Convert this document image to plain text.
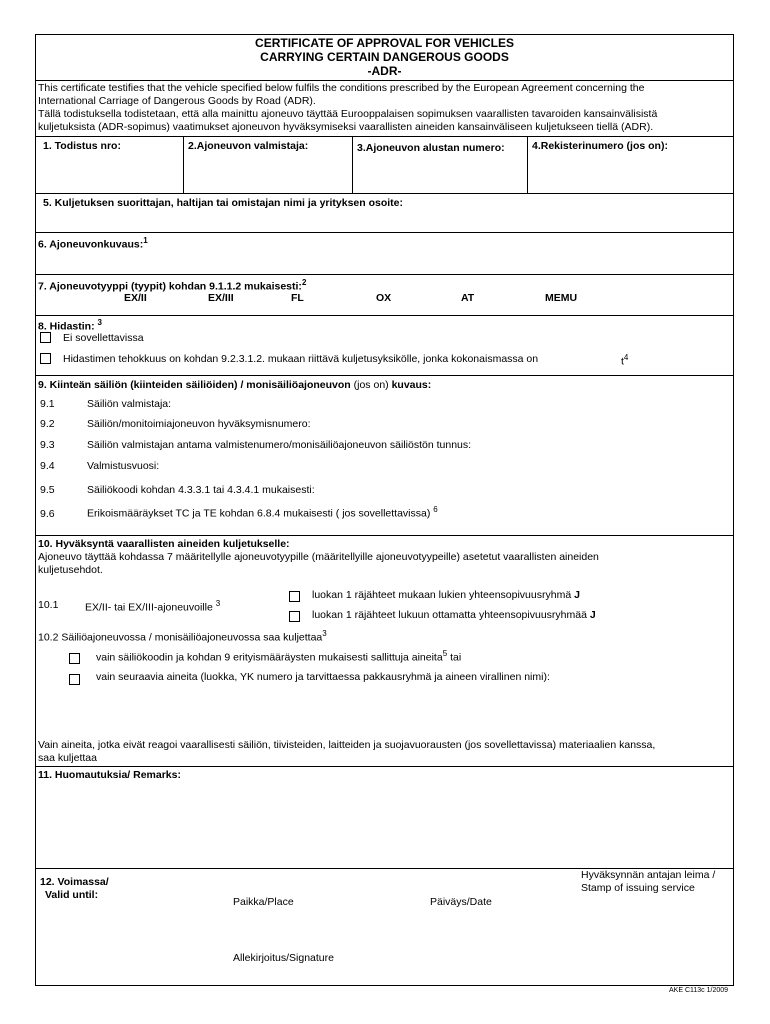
CERTIFICATE OF APPROVAL FOR VEHICLES
CARRYING CERTAIN DANGEROUS GOODS
-ADR-
This certificate testifies that the vehicle specified below fulfils the conditions prescribed by the European Agreement concerning the
International Carriage of Dangerous Goods by Road (ADR).
Tällä todistuksella todistetaan, että alla mainittu ajoneuvo täyttää Eurooppalaisen sopimuksen vaarallisten tavaroiden kansainvälisistä
kuljetuksista (ADR-sopimus) vaatimukset ajoneuvon hyväksymiseksi vaarallisten aineiden kansainväliseen kuljetukseen tiellä (ADR).
1. Todistus nro:	2.Ajoneuvon valmistaja:	3.Ajoneuvon alustan numero:	4.Rekisterinumero (jos on):
5. Kuljetuksen suorittajan, haltijan tai omistajan nimi ja yrityksen osoite:
6. Ajoneuvonkuvaus:$^1$
7. Ajoneuvotyyppi (tyypit) kohdan 9.1.1.2 mukaisesti:$^2$
EX/II	EX/III	FL	OX	AT	MEMU
8. Hidastin: $^3$
Ei sovellettavissa
Hidastimen tehokkuus on kohdan 9.2.3.1.2. mukaan riittävä kuljetusyksikölle, jonka kokonaismassa on	$t^4$
9. Kiinteän säiliön (kiinteiden säiliöiden) / monisäiliöajoneuvon (jos on) kuvaus:
9.1	Säiliön valmistaja:
9.2	Säiliön/monitoimiajoneuvon hyväksymisnumero:
9.3	Säiliön valmistajan antama valmistenumero/monisäiliöajoneuvon säiliöstön tunnus:
9.4	Valmistusvuosi:
9.5	Säiliökoodi kohdan 4.3.3.1 tai 4.3.4.1 mukaisesti:
9.6	Erikoismääräykset TC ja TE kohdan 6.8.4 mukaisesti ( jos sovellettavissa) $^6$
10. Hyväksyntä vaarallisten aineiden kuljetukselle:
Ajoneuvo täyttää kohdassa 7 määritellylle ajoneuvotyypille (määritellyille ajoneuvotyypeille) asetetut vaarallisten aineiden
kuljetusehdot.
10.1	EX/II- tai EX/III-ajoneuvoille $^3$
luokan 1 räjähteet mukaan lukien yhteensopivuusryhmä J
luokan 1 räjähteet lukuun ottamatta yhteensopivuusryhmää J
10.2 Säiliöajoneuvossa / monisäiliöajoneuvossa saa kuljettaa$^3$
vain säiliökoodin ja kohdan 9 erityismääräysten mukaisesti sallittuja aineita$^5$ tai
vain seuraavia aineita (luokka, YK numero ja tarvittaessa pakkausryhmä ja aineen virallinen nimi):
Vain aineita, jotka eivät reagoi vaarallisesti säiliön, tiivisteiden, laitteiden ja suojavuorausten (jos sovellettavissa) materiaalien kanssa,
saa kuljettaa
11. Huomautuksia/ Remarks:
12. Voimassa/
Valid until:
Paikka/Place	Päiväys/Date
Hyväksynnän antajan leima /
Stamp of issuing service
Allekirjoitus/Signature
AKE C113c 1/2009
